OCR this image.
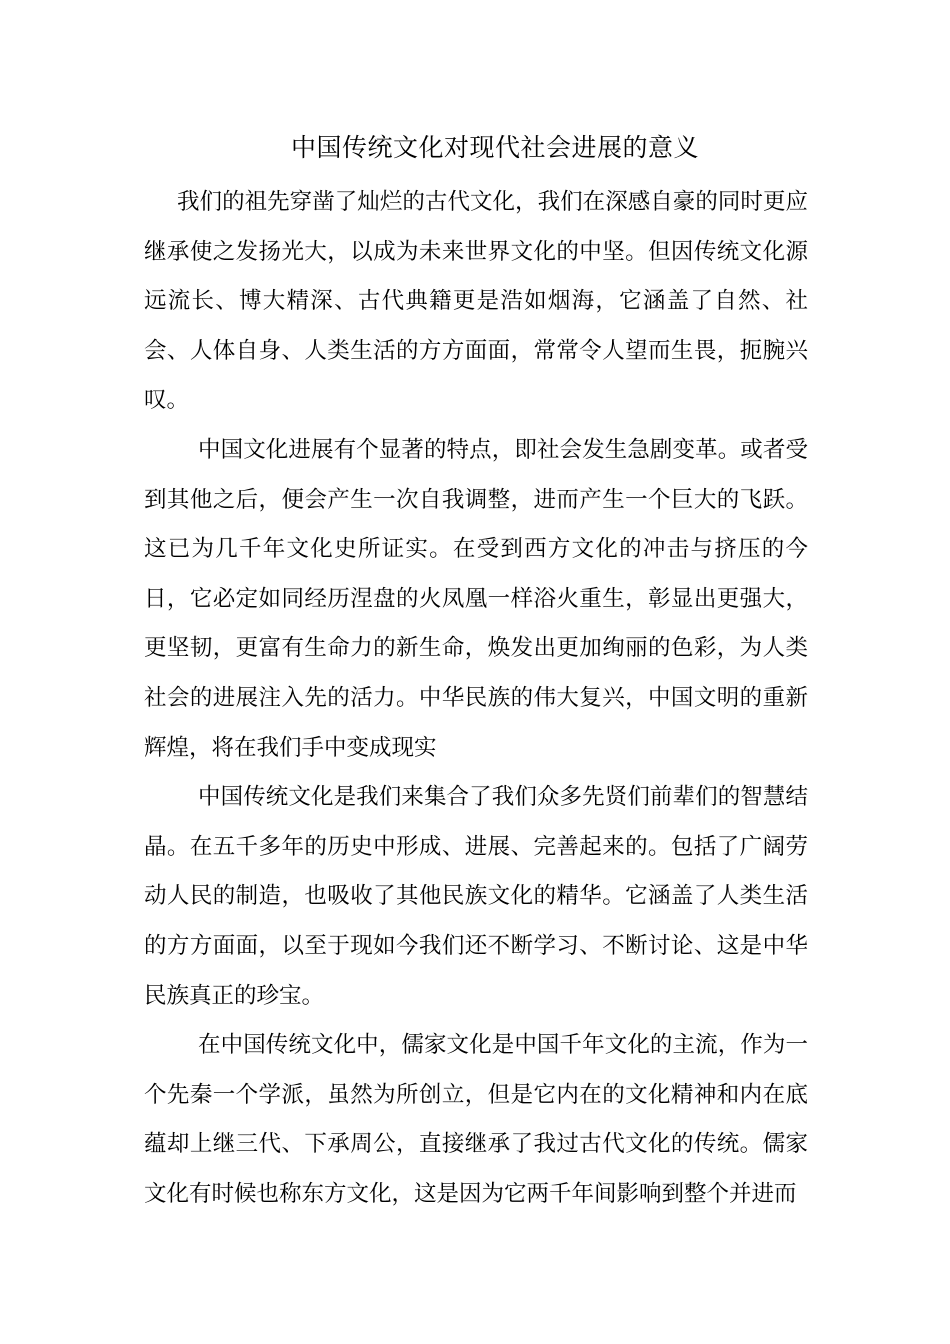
中国传统文化对现代社会进展的意义

我们的祖先穿凿了灿烂的古代文化，我们在深感自豪的同时更应继承使之发扬光大，以成为未来世界文化的中坚。但因传统文化源远流长、博大精深、古代典籍更是浩如烟海，它涵盖了自然、社会、人体自身、人类生活的方方面面，常常令人望而生畏，扼腕兴叹。

中国文化进展有个显著的特点，即社会发生急剧变革。或者受到其他之后，便会产生一次自我调整，进而产生一个巨大的飞跃。这已为几千年文化史所证实。在受到西方文化的冲击与挤压的今日，它必定如同经历涅盘的火凤凰一样浴火重生，彰显出更强大，更坚韧，更富有生命力的新生命，焕发出更加绚丽的色彩，为人类社会的进展注入先的活力。中华民族的伟大复兴，中国文明的重新辉煌，将在我们手中变成现实

中国传统文化是我们来集合了我们众多先贤们前辈们的智慧结晶。在五千多年的历史中形成、进展、完善起来的。包括了广阔劳动人民的制造，也吸收了其他民族文化的精华。它涵盖了人类生活的方方面面，以至于现如今我们还不断学习、不断讨论、这是中华民族真正的珍宝。

在中国传统文化中，儒家文化是中国千年文化的主流，作为一个先秦一个学派，虽然为所创立，但是它内在的文化精神和内在底蕴却上继三代、下承周公，直接继承了我过古代文化的传统。儒家文化有时候也称东方文化，这是因为它两千年间影响到整个并进而
